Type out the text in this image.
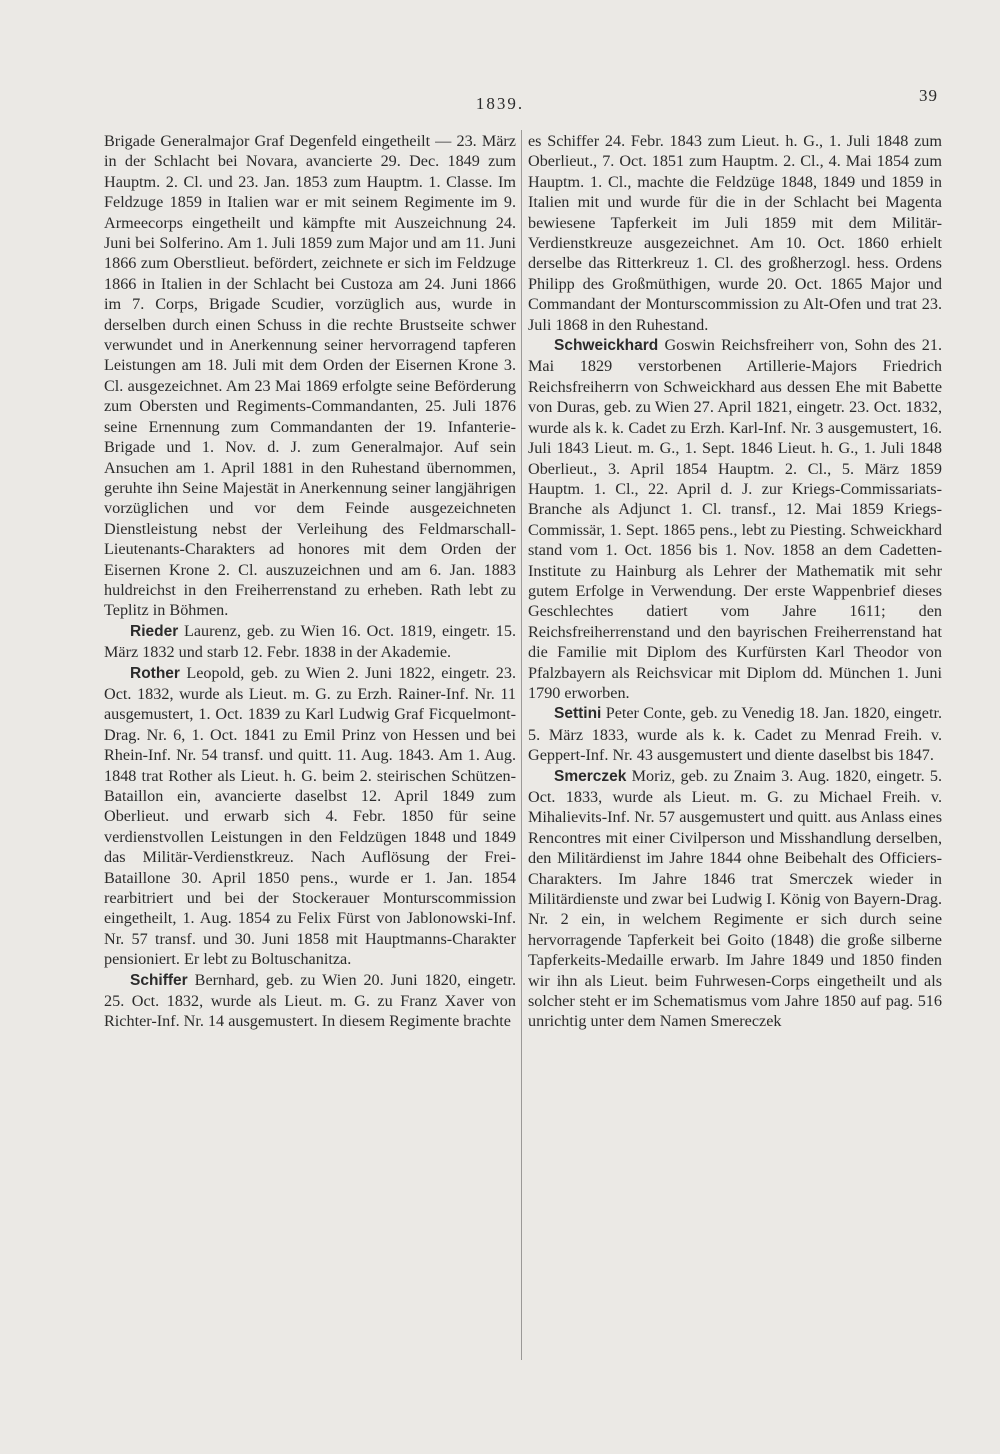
39
1839.

Brigade Generalmajor Graf Degenfeld eingetheilt — 23. März in der Schlacht bei Novara, avancierte 29. Dec. 1849 zum Hauptm. 2. Cl. und 23. Jan. 1853 zum Hauptm. 1. Classe. Im Feldzuge 1859 in Italien war er mit seinem Regimente im 9. Armeecorps eingetheilt und kämpfte mit Auszeichnung 24. Juni bei Solferino. Am 1. Juli 1859 zum Major und am 11. Juni 1866 zum Oberstlieut. befördert, zeichnete er sich im Feldzuge 1866 in Italien in der Schlacht bei Custoza am 24. Juni 1866 im 7. Corps, Brigade Scudier, vorzüglich aus, wurde in derselben durch einen Schuss in die rechte Brustseite schwer verwundet und in Anerkennung seiner hervorragend tapferen Leistungen am 18. Juli mit dem Orden der Eisernen Krone 3. Cl. ausgezeichnet. Am 23 Mai 1869 erfolgte seine Beförderung zum Obersten und Regiments-Commandanten, 25. Juli 1876 seine Ernennung zum Commandanten der 19. Infanterie-Brigade und 1. Nov. d. J. zum Generalmajor. Auf sein Ansuchen am 1. April 1881 in den Ruhestand übernommen, geruhte ihn Seine Majestät in Anerkennung seiner langjährigen vorzüglichen und vor dem Feinde ausgezeichneten Dienstleistung nebst der Verleihung des Feldmarschall-Lieutenants-Charakters ad honores mit dem Orden der Eisernen Krone 2. Cl. auszuzeichnen und am 6. Jan. 1883 huldreichst in den Freiherrenstand zu erheben. Rath lebt zu Teplitz in Böhmen.

Rieder Laurenz, geb. zu Wien 16. Oct. 1819, eingetr. 15. März 1832 und starb 12. Febr. 1838 in der Akademie.

Rother Leopold, geb. zu Wien 2. Juni 1822, eingetr. 23. Oct. 1832, wurde als Lieut. m. G. zu Erzh. Rainer-Inf. Nr. 11 ausgemustert, 1. Oct. 1839 zu Karl Ludwig Graf Ficquelmont-Drag. Nr. 6, 1. Oct. 1841 zu Emil Prinz von Hessen und bei Rhein-Inf. Nr. 54 transf. und quitt. 11. Aug. 1843. Am 1. Aug. 1848 trat Rother als Lieut. h. G. beim 2. steirischen Schützen-Bataillon ein, avancierte daselbst 12. April 1849 zum Oberlieut. und erwarb sich 4. Febr. 1850 für seine verdienstvollen Leistungen in den Feldzügen 1848 und 1849 das Militär-Verdienstkreuz. Nach Auflösung der Frei-Bataillone 30. April 1850 pens., wurde er 1. Jan. 1854 rearbitriert und bei der Stockerauer Monturscommission eingetheilt, 1. Aug. 1854 zu Felix Fürst von Jablonowski-Inf. Nr. 57 transf. und 30. Juni 1858 mit Hauptmanns-Charakter pensioniert. Er lebt zu Boltuschanitza.

Schiffer Bernhard, geb. zu Wien 20. Juni 1820, eingetr. 25. Oct. 1832, wurde als Lieut. m. G. zu Franz Xaver von Richter-Inf. Nr. 14 ausgemustert. In diesem Regimente brachte

es Schiffer 24. Febr. 1843 zum Lieut. h. G., 1. Juli 1848 zum Oberlieut., 7. Oct. 1851 zum Hauptm. 2. Cl., 4. Mai 1854 zum Hauptm. 1. Cl., machte die Feldzüge 1848, 1849 und 1859 in Italien mit und wurde für die in der Schlacht bei Magenta bewiesene Tapferkeit im Juli 1859 mit dem Militär-Verdienstkreuze ausgezeichnet. Am 10. Oct. 1860 erhielt derselbe das Ritterkreuz 1. Cl. des großherzogl. hess. Ordens Philipp des Großmüthigen, wurde 20. Oct. 1865 Major und Commandant der Monturscommission zu Alt-Ofen und trat 23. Juli 1868 in den Ruhestand.

Schweickhard Goswin Reichsfreiherr von, Sohn des 21. Mai 1829 verstorbenen Artillerie-Majors Friedrich Reichsfreiherrn von Schweickhard aus dessen Ehe mit Babette von Duras, geb. zu Wien 27. April 1821, eingetr. 23. Oct. 1832, wurde als k. k. Cadet zu Erzh. Karl-Inf. Nr. 3 ausgemustert, 16. Juli 1843 Lieut. m. G., 1. Sept. 1846 Lieut. h. G., 1. Juli 1848 Oberlieut., 3. April 1854 Hauptm. 2. Cl., 5. März 1859 Hauptm. 1. Cl., 22. April d. J. zur Kriegs-Commissariats-Branche als Adjunct 1. Cl. transf., 12. Mai 1859 Kriegs-Commissär, 1. Sept. 1865 pens., lebt zu Piesting. Schweickhard stand vom 1. Oct. 1856 bis 1. Nov. 1858 an dem Cadetten-Institute zu Hainburg als Lehrer der Mathematik mit sehr gutem Erfolge in Verwendung. Der erste Wappenbrief dieses Geschlechtes datiert vom Jahre 1611; den Reichsfreiherrenstand und den bayrischen Freiherrenstand hat die Familie mit Diplom des Kurfürsten Karl Theodor von Pfalzbayern als Reichsvicar mit Diplom dd. München 1. Juni 1790 erworben.

Settini Peter Conte, geb. zu Venedig 18. Jan. 1820, eingetr. 5. März 1833, wurde als k. k. Cadet zu Menrad Freih. v. Geppert-Inf. Nr. 43 ausgemustert und diente daselbst bis 1847.

Smerczek Moriz, geb. zu Znaim 3. Aug. 1820, eingetr. 5. Oct. 1833, wurde als Lieut. m. G. zu Michael Freih. v. Mihalievits-Inf. Nr. 57 ausgemustert und quitt. aus Anlass eines Rencontres mit einer Civilperson und Misshandlung derselben, den Militärdienst im Jahre 1844 ohne Beibehalt des Officiers-Charakters. Im Jahre 1846 trat Smerczek wieder in Militärdienste und zwar bei Ludwig I. König von Bayern-Drag. Nr. 2 ein, in welchem Regimente er sich durch seine hervorragende Tapferkeit bei Goito (1848) die große silberne Tapferkeits-Medaille erwarb. Im Jahre 1849 und 1850 finden wir ihn als Lieut. beim Fuhrwesen-Corps eingetheilt und als solcher steht er im Schematismus vom Jahre 1850 auf pag. 516 unrichtig unter dem Namen Smereczek
